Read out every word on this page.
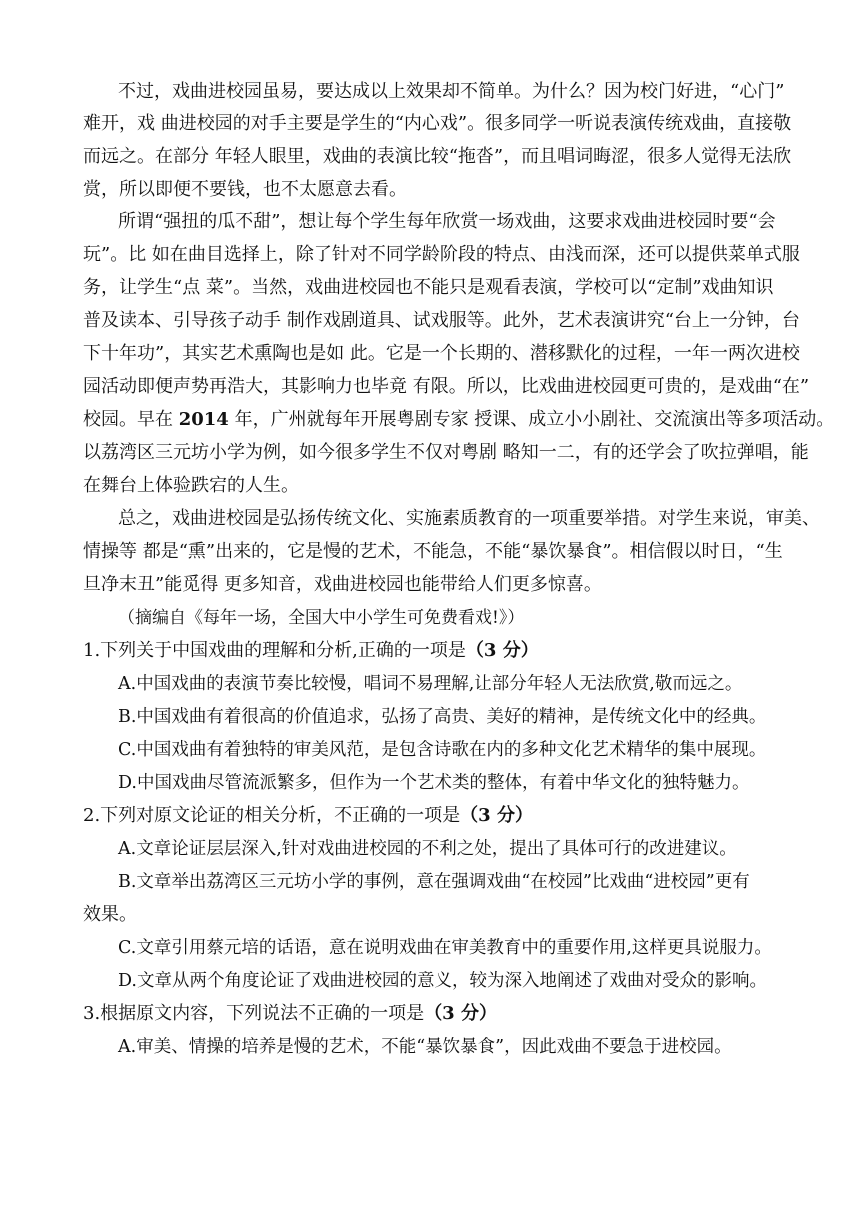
不过，戏曲进校园虽易，要达成以上效果却不简单。为什么？因为校门好进，“心门”
难开，戏 曲进校园的对手主要是学生的“内心戏”。很多同学一听说表演传统戏曲，直接敬
而远之。在部分 年轻人眼里，戏曲的表演比较“拖沓”，而且唱词晦涩，很多人觉得无法欣
赏，所以即便不要钱，也不太愿意去看。
所谓“强扭的瓜不甜”，想让每个学生每年欣赏一场戏曲，这要求戏曲进校园时要“会
玩”。比 如在曲目选择上，除了针对不同学龄阶段的特点、由浅而深，还可以提供菜单式服
务，让学生“点 菜”。当然，戏曲进校园也不能只是观看表演，学校可以“定制”戏曲知识
普及读本、引导孩子动手 制作戏剧道具、试戏服等。此外，艺术表演讲究“台上一分钟，台
下十年功”，其实艺术熏陶也是如 此。它是一个长期的、潜移默化的过程，一年一两次进校
园活动即便声势再浩大，其影响力也毕竟 有限。所以，比戏曲进校园更可贵的，是戏曲“在”
校园。早在 2014 年，广州就每年开展粤剧专家 授课、成立小小剧社、交流演出等多项活动。
以荔湾区三元坊小学为例，如今很多学生不仅对粤剧 略知一二，有的还学会了吹拉弹唱，能
在舞台上体验跌宕的人生。
总之，戏曲进校园是弘扬传统文化、实施素质教育的一项重要举措。对学生来说，审美、
情操等 都是“熏”出来的，它是慢的艺术，不能急，不能“暴饮暴食”。相信假以时日，“生
旦净末丑”能觅得 更多知音，戏曲进校园也能带给人们更多惊喜。
（摘编自《每年一场，全国大中小学生可免费看戏!》）
1.下列关于中国戏曲的理解和分析,正确的一项是（3 分）
A.中国戏曲的表演节奏比较慢，唱词不易理解,让部分年轻人无法欣赏,敬而远之。
B.中国戏曲有着很高的价值追求，弘扬了高贵、美好的精神，是传统文化中的经典。
C.中国戏曲有着独特的审美风范，是包含诗歌在内的多种文化艺术精华的集中展现。
D.中国戏曲尽管流派繁多，但作为一个艺术类的整体，有着中华文化的独特魅力。
2.下列对原文论证的相关分析，不正确的一项是（3 分）
A.文章论证层层深入,针对戏曲进校园的不利之处，提出了具体可行的改进建议。
B.文章举出荔湾区三元坊小学的事例，意在强调戏曲“在校园”比戏曲“进校园”更有
效果。
C.文章引用蔡元培的话语，意在说明戏曲在审美教育中的重要作用,这样更具说服力。
D.文章从两个角度论证了戏曲进校园的意义，较为深入地阐述了戏曲对受众的影响。
3.根据原文内容，下列说法不正确的一项是（3 分）
A.审美、情操的培养是慢的艺术，不能“暴饮暴食”，因此戏曲不要急于进校园。
